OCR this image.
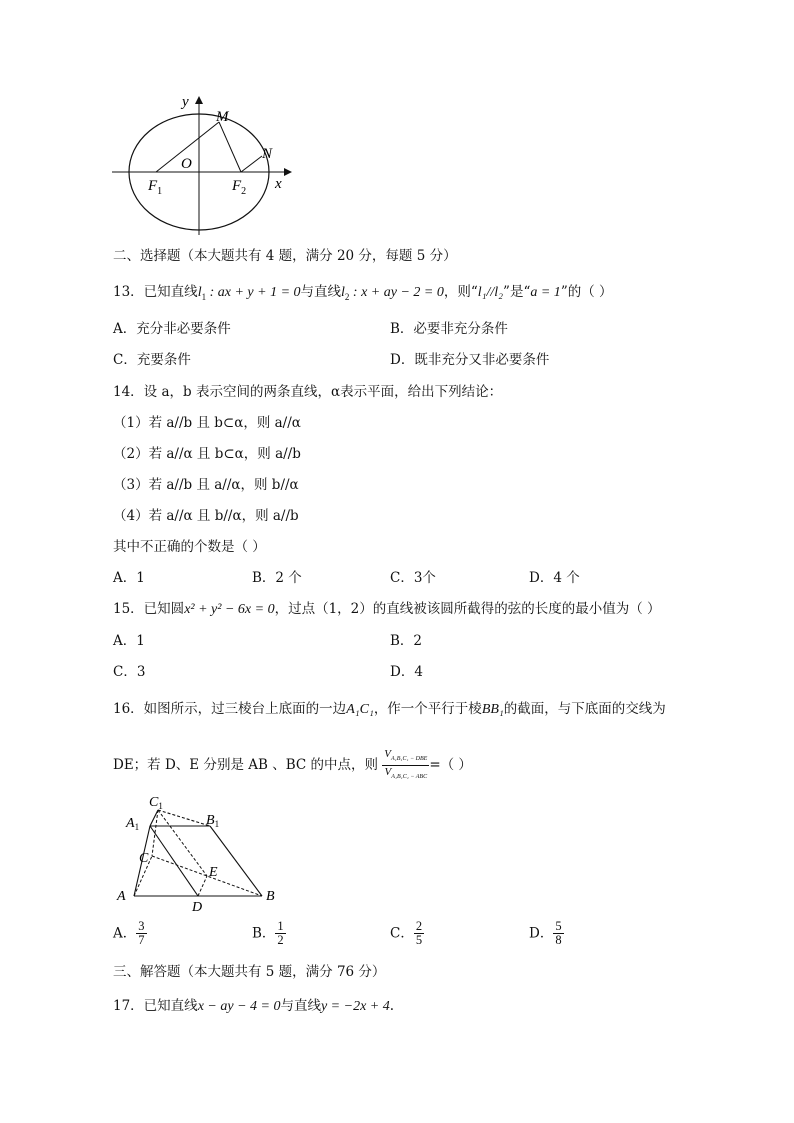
y
M
N
O
x
$F_1$	$F_2$
二、选择题（本大题共有 4 题，满分 20 分，每题 5 分）
13．已知直线$l_1$ : ax + y + 1 = 0与直线$l_2$ : x + ay − 2 = 0，则“l₁//l₂”是“a = 1”的（ ）
A．充分非必要条件	B．必要非充分条件
C．充要条件	D．既非充分又非必要条件
14．设 a，b 表示空间的两条直线，α表示平面，给出下列结论：
（1）若 a//b 且 b⊂α，则 a//α
（2）若 a//α 且 b⊂α，则 a//b
（3）若 a//b 且 a//α，则 b//α
（4）若 a//α 且 b//α，则 a//b
其中不正确的个数是（ ）
A．1	B．2 个	C．3个	D．4 个
15．已知圆x² + y² − 6x = 0，过点（1，2）的直线被该圆所截得的弦的长度的最小值为（ ）
A．1	B．2
C．3	D．4
16．如图所示，过三棱台上底面的一边A₁C₁，作一个平行于棱BB₁的截面，与下底面的交线为
DE；若 D、E 分别是 AB 、BC 的中点，则 $\frac{V_{A_1B_1C_1 - DBE}}{V_{A_1B_1C_1 - ABC}}$ =（ ）
$C_1$
$A_1$	$B_1$
C
E
A
D
B
A． $\frac{3}{7}$	B． $\frac{1}{2}$	C． $\frac{2}{5}$	D． $\frac{5}{8}$
三、解答题（本大题共有 5 题，满分 76 分）
17．已知直线x − ay − 4 = 0与直线y = −2x + 4.
